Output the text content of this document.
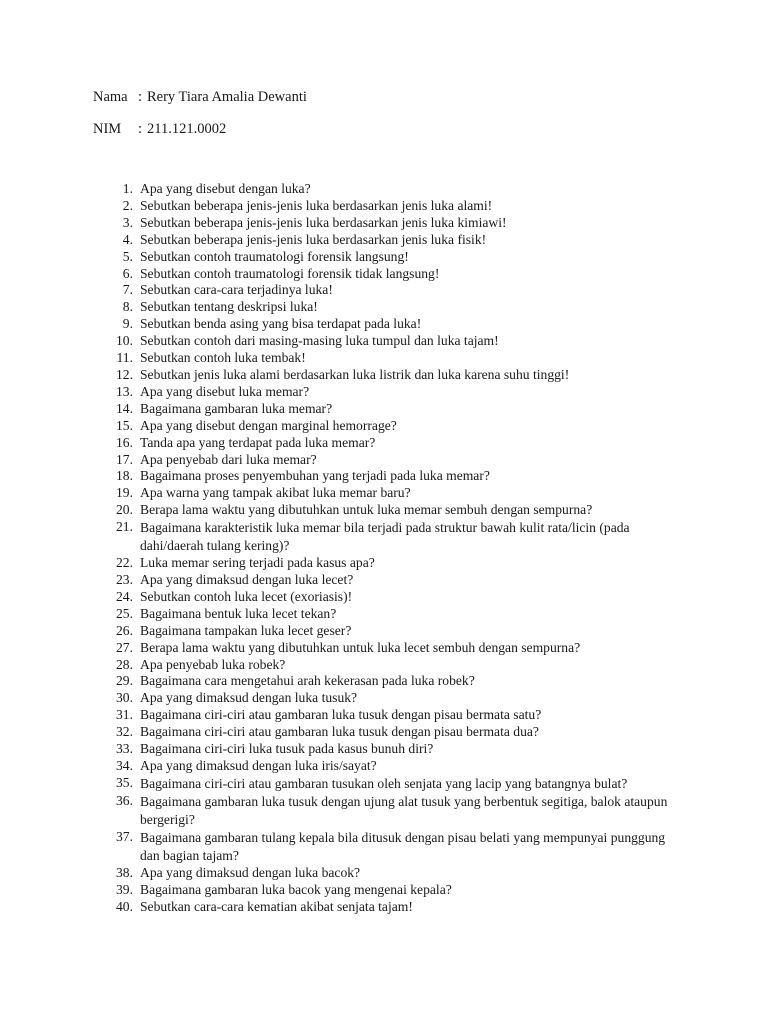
Nama : Rery Tiara Amalia Dewanti
NIM : 211.121.0002
1. Apa yang disebut dengan luka?
2. Sebutkan beberapa jenis-jenis luka berdasarkan jenis luka alami!
3. Sebutkan beberapa jenis-jenis luka berdasarkan jenis luka kimiawi!
4. Sebutkan beberapa jenis-jenis luka berdasarkan jenis luka fisik!
5. Sebutkan contoh traumatologi forensik langsung!
6. Sebutkan contoh traumatologi forensik tidak langsung!
7. Sebutkan cara-cara terjadinya luka!
8. Sebutkan tentang deskripsi luka!
9. Sebutkan benda asing yang bisa terdapat pada luka!
10. Sebutkan contoh dari masing-masing luka tumpul dan luka tajam!
11. Sebutkan contoh luka tembak!
12. Sebutkan jenis luka alami berdasarkan luka listrik dan luka karena suhu tinggi!
13. Apa yang disebut luka memar?
14. Bagaimana gambaran luka memar?
15. Apa yang disebut dengan marginal hemorrage?
16. Tanda apa yang terdapat pada luka memar?
17. Apa penyebab dari luka memar?
18. Bagaimana proses penyembuhan yang terjadi pada luka memar?
19. Apa warna yang tampak akibat luka memar baru?
20. Berapa lama waktu yang dibutuhkan untuk luka memar sembuh dengan sempurna?
21. Bagaimana karakteristik luka memar bila terjadi pada struktur bawah kulit rata/licin (pada dahi/daerah tulang kering)?
22. Luka memar sering terjadi pada kasus apa?
23. Apa yang dimaksud dengan luka lecet?
24. Sebutkan contoh luka lecet (exoriasis)!
25. Bagaimana bentuk luka lecet tekan?
26. Bagaimana tampakan luka lecet geser?
27. Berapa lama waktu yang dibutuhkan untuk luka lecet sembuh dengan sempurna?
28. Apa penyebab luka robek?
29. Bagaimana cara mengetahui arah kekerasan pada luka robek?
30. Apa yang dimaksud dengan luka tusuk?
31. Bagaimana ciri-ciri atau gambaran luka tusuk dengan pisau bermata satu?
32. Bagaimana ciri-ciri atau gambaran luka tusuk dengan pisau bermata dua?
33. Bagaimana ciri-ciri luka tusuk pada kasus bunuh diri?
34. Apa yang dimaksud dengan luka iris/sayat?
35. Bagaimana ciri-ciri atau gambaran tusukan oleh senjata yang lacip yang batangnya bulat?
36. Bagaimana gambaran luka tusuk dengan ujung alat tusuk yang berbentuk segitiga, balok ataupun bergerigi?
37. Bagaimana gambaran tulang kepala bila ditusuk dengan pisau belati yang mempunyai punggung dan bagian tajam?
38. Apa yang dimaksud dengan luka bacok?
39. Bagaimana gambaran luka bacok yang mengenai kepala?
40. Sebutkan cara-cara kematian akibat senjata tajam!
